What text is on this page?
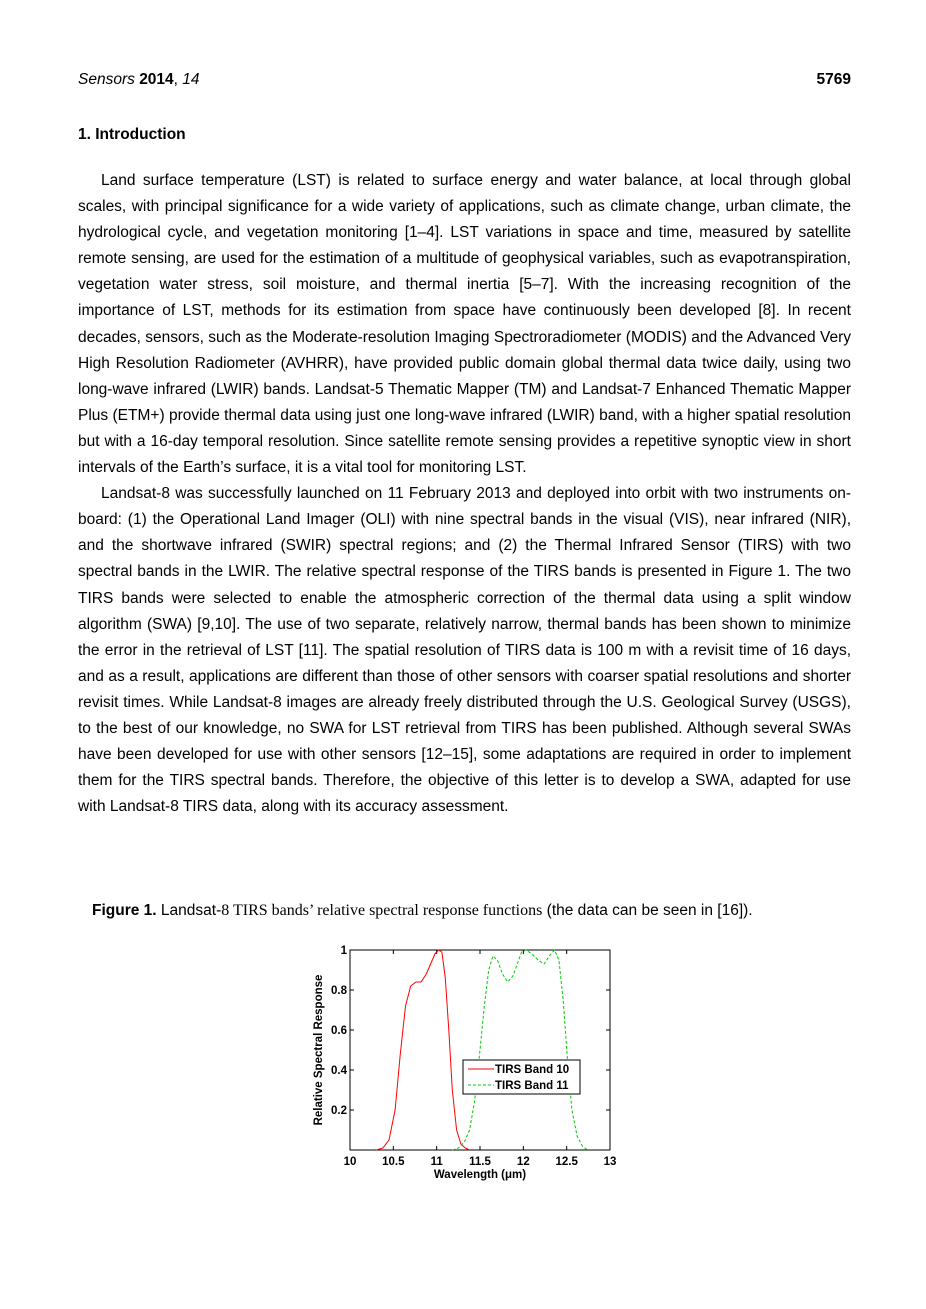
Sensors 2014, 14	5769
1. Introduction

Land surface temperature (LST) is related to surface energy and water balance, at local through global scales, with principal significance for a wide variety of applications, such as climate change, urban climate, the hydrological cycle, and vegetation monitoring [1–4]. LST variations in space and time, measured by satellite remote sensing, are used for the estimation of a multitude of geophysical variables, such as evapotranspiration, vegetation water stress, soil moisture, and thermal inertia [5–7]. With the increasing recognition of the importance of LST, methods for its estimation from space have continuously been developed [8]. In recent decades, sensors, such as the Moderate-resolution Imaging Spectroradiometer (MODIS) and the Advanced Very High Resolution Radiometer (AVHRR), have provided public domain global thermal data twice daily, using two long-wave infrared (LWIR) bands. Landsat-5 Thematic Mapper (TM) and Landsat-7 Enhanced Thematic Mapper Plus (ETM+) provide thermal data using just one long-wave infrared (LWIR) band, with a higher spatial resolution but with a 16-day temporal resolution. Since satellite remote sensing provides a repetitive synoptic view in short intervals of the Earth’s surface, it is a vital tool for monitoring LST.

Landsat-8 was successfully launched on 11 February 2013 and deployed into orbit with two instruments on-board: (1) the Operational Land Imager (OLI) with nine spectral bands in the visual (VIS), near infrared (NIR), and the shortwave infrared (SWIR) spectral regions; and (2) the Thermal Infrared Sensor (TIRS) with two spectral bands in the LWIR. The relative spectral response of the TIRS bands is presented in Figure 1. The two TIRS bands were selected to enable the atmospheric correction of the thermal data using a split window algorithm (SWA) [9,10]. The use of two separate, relatively narrow, thermal bands has been shown to minimize the error in the retrieval of LST [11]. The spatial resolution of TIRS data is 100 m with a revisit time of 16 days, and as a result, applications are different than those of other sensors with coarser spatial resolutions and shorter revisit times. While Landsat-8 images are already freely distributed through the U.S. Geological Survey (USGS), to the best of our knowledge, no SWA for LST retrieval from TIRS has been published. Although several SWAs have been developed for use with other sensors [12–15], some adaptations are required in order to implement them for the TIRS spectral bands. Therefore, the objective of this letter is to develop a SWA, adapted for use with Landsat-8 TIRS data, along with its accuracy assessment.

Figure 1. Landsat-8 TIRS bands’ relative spectral response functions (the data can be seen in [16]).
10 10.5 11 11.5 12 12.5 13
0.2
0.4
0.6
0.8
1
Wavelength (μm)
Relative Spectral Response	TIRS Band 10
TIRS Band 11
